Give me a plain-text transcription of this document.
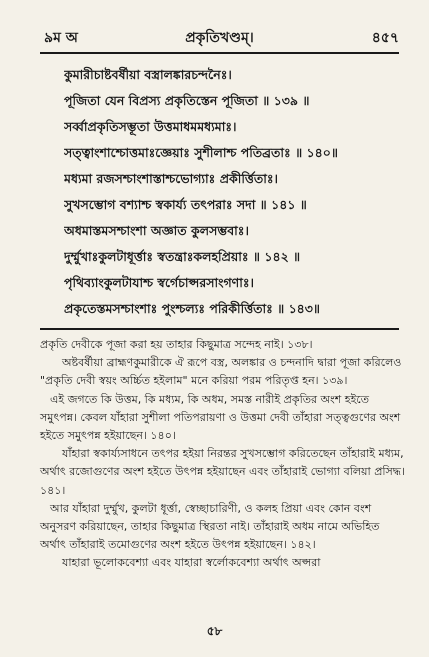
৯ম অ	প্রকৃতিখণ্ডম্।	৪৫৭
কুমারীচাষ্টবর্ষীয়া বস্ত্রালঙ্কারচন্দনৈঃ।
পূজিতা যেন বিপ্রস্য প্রকৃতিস্তেন পূজিতা ॥ ১৩৯ ॥
সর্ব্বাপ্রকৃতিসম্ভূতা উত্তমাধমমধ্যমাঃ।
সত্ত্বাংশাশ্চোত্তমাঃজ্ঞেয়াঃ সুশীলাশ্চ পতিব্রতাঃ ॥ ১৪০॥
মধ্যমা রজসশ্চাংশাস্তাশ্চভোগ্যাঃ প্রকীর্ত্তিতাঃ।
সুখসম্ভোগ বশ্যাশ্চ স্বকার্য্য তৎপরাঃ সদা ॥ ১৪১ ॥
অধমাস্তমসশ্চাংশা অজ্ঞাত কুলসম্ভবাঃ।
দুর্ম্মুখাঃকুলটাধূর্ত্তাঃ স্বতন্ত্রাঃকলহপ্রিয়াঃ ॥ ১৪২ ॥
পৃথিব্যাংকুলটাযাশ্চ স্বর্গেচাপ্সরসাংগণাঃ।
প্রকৃতেস্তমসশ্চাংশাঃ পুংশ্চল্যঃ পরিকীর্ত্তিতাঃ ॥ ১৪৩॥

প্রকৃতি দেবীকে পূজা করা হয় তাহার কিছুমাত্র সন্দেহ নাই। ১৩৮।

অষ্টবর্ষীয়া ব্রাহ্মণকুমারীকে ঐ রূপে বস্ত্র, অলঙ্কার ও চন্দনাদি দ্বারা পূজা করিলেও "প্রকৃতি দেবী স্বয়ং অর্চ্চিত হইলাম" মনে করিয়া পরম পরিতৃপ্ত হন। ১৩৯।

এই জগতে কি উত্তম, কি মধ্যম, কি অধম, সমস্ত নারীই প্রকৃতির অংশ হইতে সমুৎপন্ন। কেবল যাঁহারা সুশীলা পতিপরায়ণা ও উত্তমা দেবী তাঁহারা সত্ত্বগুণের অংশ হইতে সমুৎপন্ন হইয়াছেন। ১৪০।

যাঁহারা স্বকার্য্যসাধনে তৎপর হইয়া নিরন্তর সুখসম্ভোগ করিতেছেন তাঁহারাই মধ্যম, অর্থাৎ রজোগুণের অংশ হইতে উৎপন্ন হইয়াছেন এবং তাঁহারাই ভোগ্যা বলিয়া প্রসিদ্ধ। ১৪১।

আর যাঁহারা দুর্ম্মুখ, কুলটা ধূর্ত্তা, স্বেচ্ছাচারিণী, ও কলহ প্রিয়া এবং কোন বংশ অনুসরণ করিয়াছেন, তাহার কিছুমাত্র স্থিরতা নাই। তাঁহারাই অধম নামে অভিহিত অর্থাৎ তাঁহারাই তমোগুণের অংশ হইতে উৎপন্ন হইয়াছেন। ১৪২।

যাহারা ভূলোকবেশ্যা এবং যাহারা স্বর্লোকবেশ্যা অর্থাৎ অপ্সরা

৫৮
